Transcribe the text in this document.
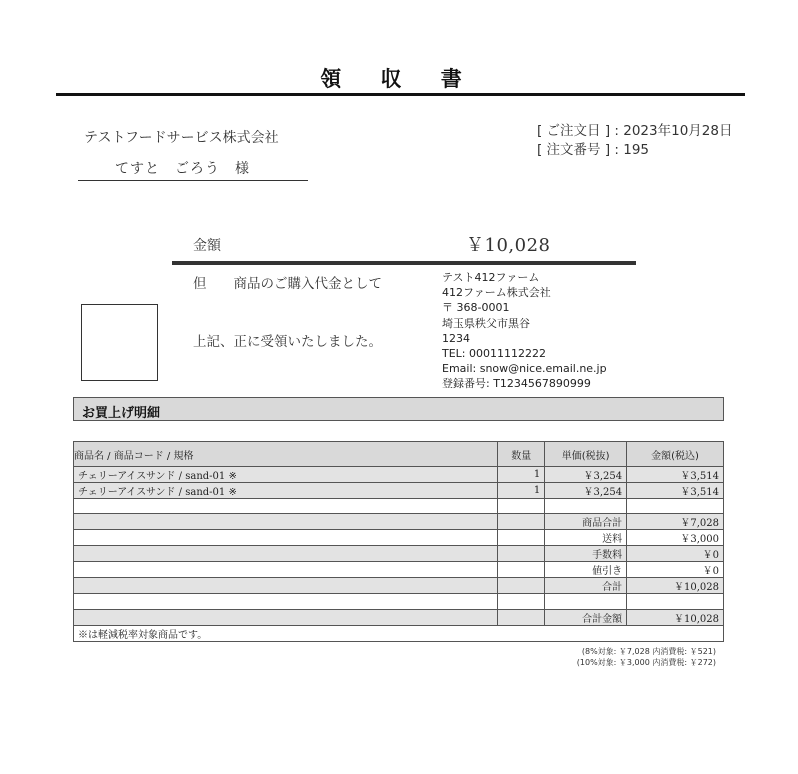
領 収 書
テストフードサービス株式会社
てすと　ごろう　様
[ ご注文日 ] : 2023年10月28日
[ 注文番号 ] : 195
金額	￥10,028
但　　商品のご購入代金として
上記、正に受領いたしました。
テスト412ファーム
412ファーム株式会社
〒 368-0001
埼玉県秩父市黒谷
1234
TEL: 00011112222
Email: snow@nice.email.ne.jp
登録番号: T1234567890999
お買上げ明細
商品名 / 商品コード / 規格	数量	単価(税抜)	金額(税込)
チェリーアイスサンド / sand-01 ※	1	￥3,254	￥3,514
チェリーアイスサンド / sand-01 ※	1	￥3,254	￥3,514

		商品合計	￥7,028
		送料	￥3,000
		手数料	￥0
		値引き	￥0
		合計	￥10,028

		合計金額	￥10,028
※は軽減税率対象商品です。			
(8%対象: ￥7,028 内消費税: ￥521)
(10%対象: ￥3,000 内消費税: ￥272)
